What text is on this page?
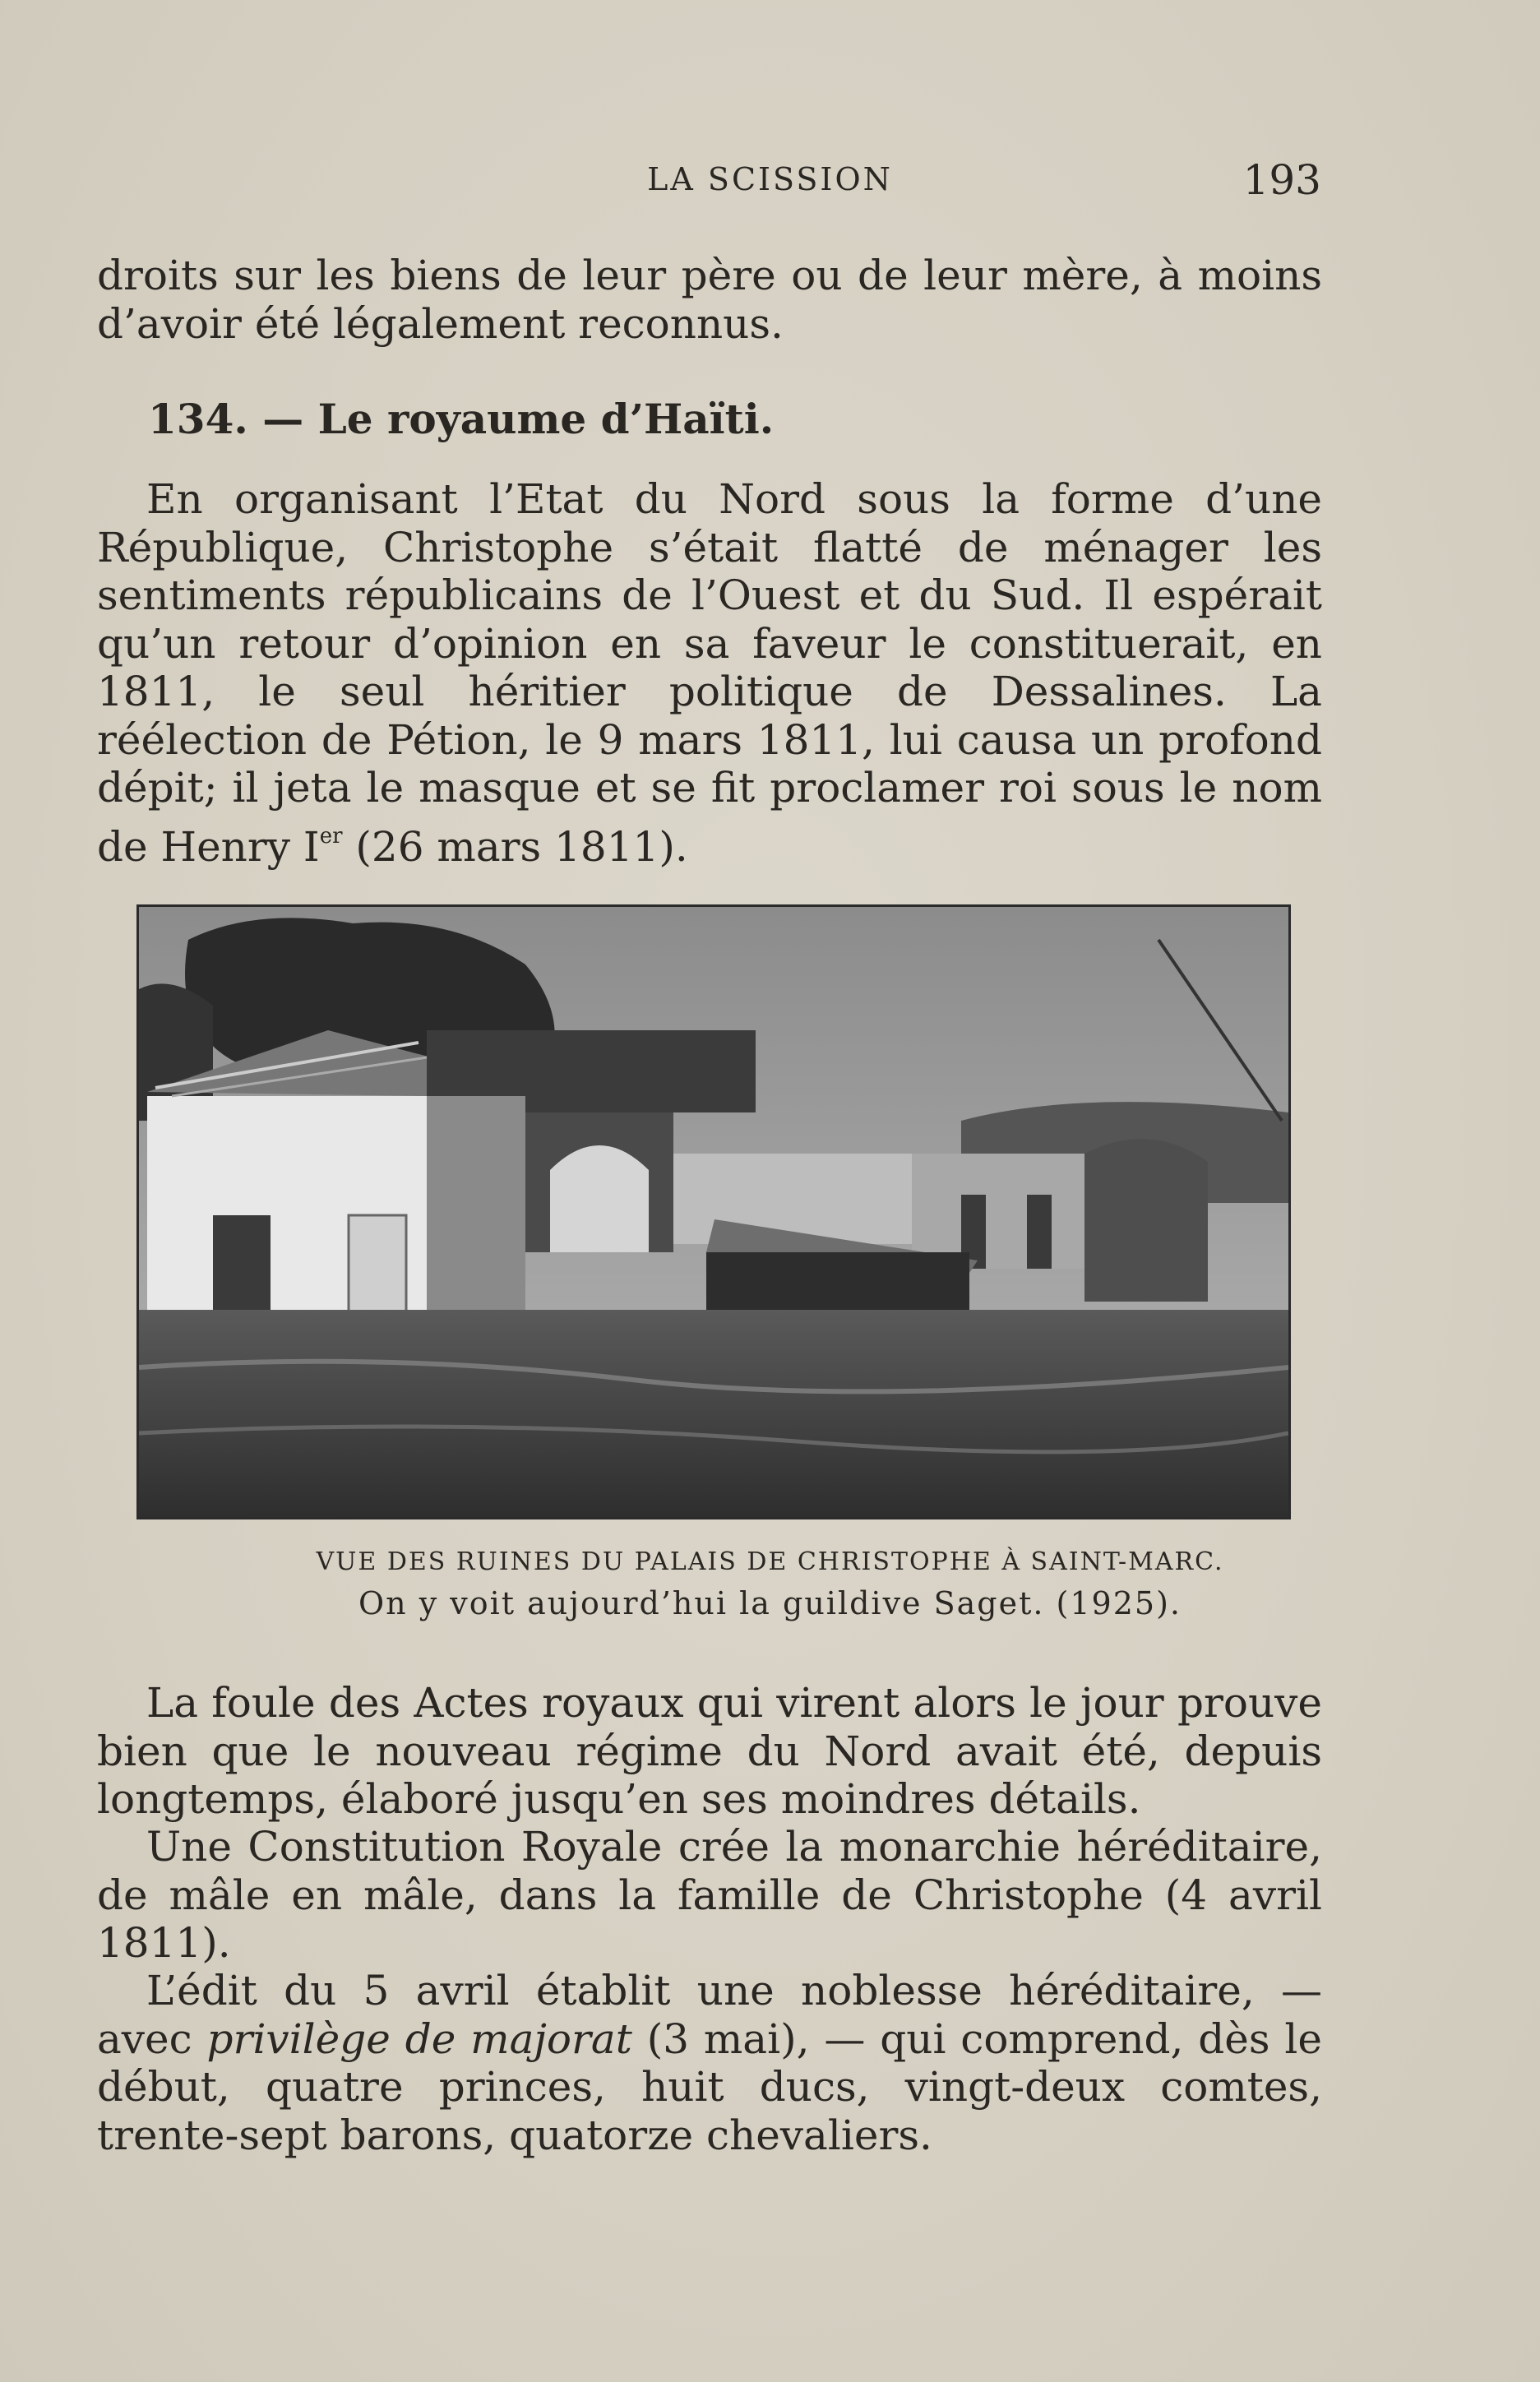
LA SCISSION	193

droits sur les biens de leur père ou de leur mère, à moins

d’avoir été légalement reconnus.

134. — Le royaume d’Haïti.

En organisant l’Etat du Nord sous la forme d’une République, Christophe s’était flatté de ménager les sentiments républicains de l’Ouest et du Sud. Il espérait qu’un retour d’opinion en sa faveur le constituerait, en 1811, le seul héritier politique de Dessalines. La réélection de Pétion, le 9 mars 1811, lui causa un profond dépit; il jeta le masque et se fit proclamer roi sous le nom de Henry Ier (26 mars 1811).

VUE DES RUINES DU PALAIS DE CHRISTOPHE À SAINT-MARC.
On y voit aujourd’hui la guildive Saget. (1925).

La foule des Actes royaux qui virent alors le jour prouve bien que le nouveau régime du Nord avait été, depuis longtemps, élaboré jusqu’en ses moindres détails.

Une Constitution Royale crée la monarchie héréditaire, de mâle en mâle, dans la famille de Christophe (4 avril 1811).

L’édit du 5 avril établit une noblesse héréditaire, — avec privilège de majorat (3 mai), — qui comprend, dès le début, quatre princes, huit ducs, vingt-deux comtes, trente-sept barons, quatorze chevaliers.
